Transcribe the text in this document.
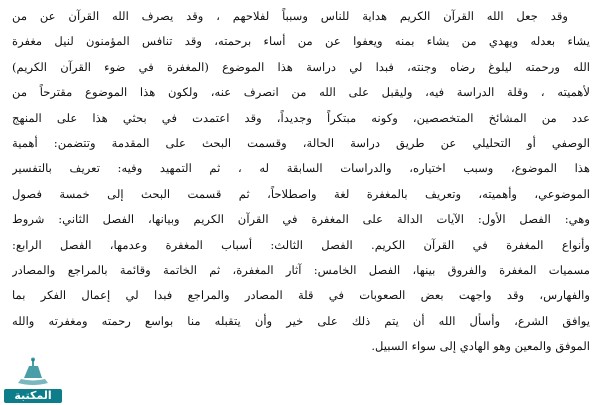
وقد جعل الله القرآن الكريم هداية للناس وسبباً لفلاحهم ، وقد يصرف الله القرآن عن من
يشاء بعدله ويهدي من يشاء بمنه ويعفوا عن من أساء برحمته، وقد تنافس المؤمنون لنيل مغفرة
الله ورحمته ليلوغ رضاه وجنته، فبدا لي دراسة هذا الموضوع (المغفرة في ضوء القرآن الكريم)
لأهميته ، وقلة الدراسة فيه، وليقبل على الله من انصرف عنه، ولكون هذا الموضوع مقترحاً من
عدد من المشائخ المتخصصين، وكونه مبتكراً وجديداً، وقد اعتمدت في بحثي هذا على المنهج
الوصفي أو التحليلي عن طريق دراسة الحالة، وقسمت البحث على المقدمة وتتضمن: أهمية
هذا الموضوع، وسبب اختياره، والدراسات السابقة له ، ثم التمهيد وفيه: تعريف بالتفسير
الموضوعي، وأهميته، وتعريف بالمغفرة لغة واصطلاحاً، ثم قسمت البحث إلى خمسة فصول
وهي: الفصل الأول: الآيات الدالة على المغفرة في القرآن الكريم وبيانها، الفصل الثاني: شروط
وأنواع المغفرة في القرآن الكريم. الفصل الثالث: أسباب المغفرة وعدمها، الفصل الرابع:
مسميات المغفرة والفروق بينها، الفصل الخامس: آثار المغفرة، ثم الخاتمة وقائمة بالمراجع والمصادر
والفهارس، وقد واجهت بعض الصعوبات في قلة المصادر والمراجع فبدا لي إعمال الفكر بما
يوافق الشرع، وأسأل الله أن يتم ذلك على خير وأن يتقبله منا بواسع رحمته ومغفرته والله
الموفق والمعين وهو الهادي إلى سواء السبيل.
المكتبة
